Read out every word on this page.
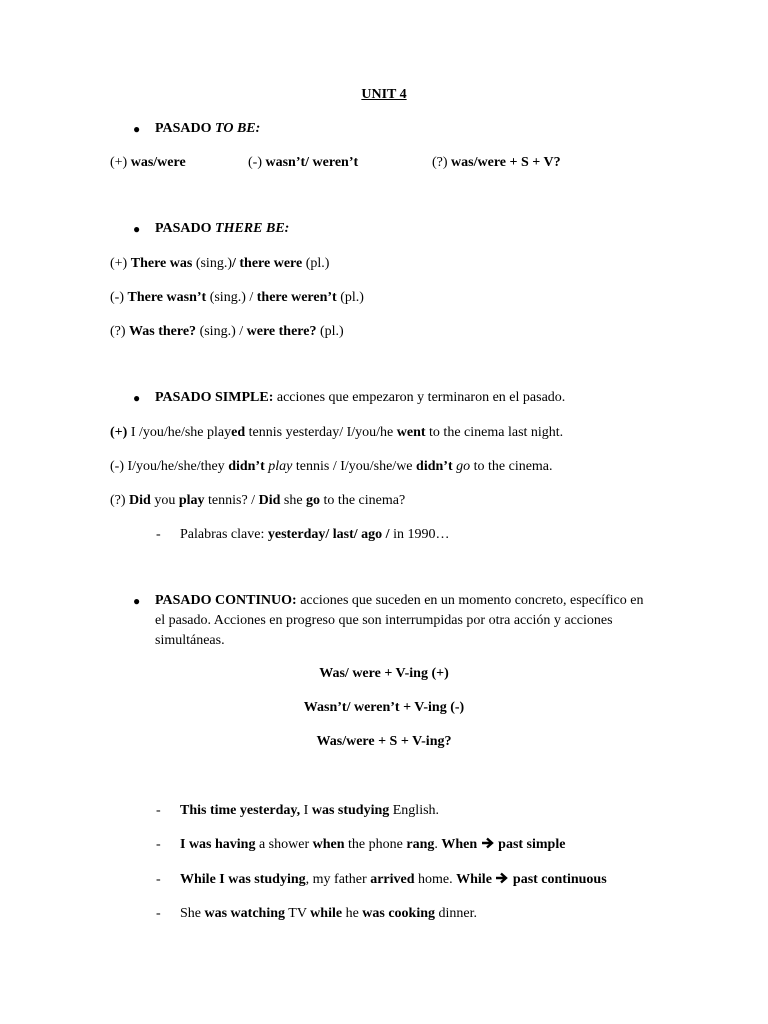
UNIT 4
● PASADO TO BE:
(+) was/were	(-) wasn’t/ weren’t	(?) was/were + S + V?
● PASADO THERE BE:
(+) There was (sing.)/ there were (pl.)
(-) There wasn’t (sing.) / there weren’t (pl.)
(?) Was there? (sing.) / were there? (pl.)
● PASADO SIMPLE: acciones que empezaron y terminaron en el pasado.
(+) I /you/he/she played tennis yesterday/ I/you/he went to the cinema last night.
(-) I/you/he/she/they didn’t play tennis / I/you/she/we didn’t go to the cinema.
(?) Did you play tennis? / Did she go to the cinema?
- Palabras clave: yesterday/ last/ ago / in 1990…
● PASADO CONTINUO: acciones que suceden en un momento concreto, específico en el pasado. Acciones en progreso que son interrumpidas por otra acción y acciones simultáneas.
Was/ were + V-ing (+)
Wasn’t/ weren’t + V-ing (-)
Was/were + S + V-ing?
- This time yesterday, I was studying English.
- I was having a shower when the phone rang. When  past simple
- While I was studying, my father arrived home. While  past continuous
- She was watching TV while he was cooking dinner.
